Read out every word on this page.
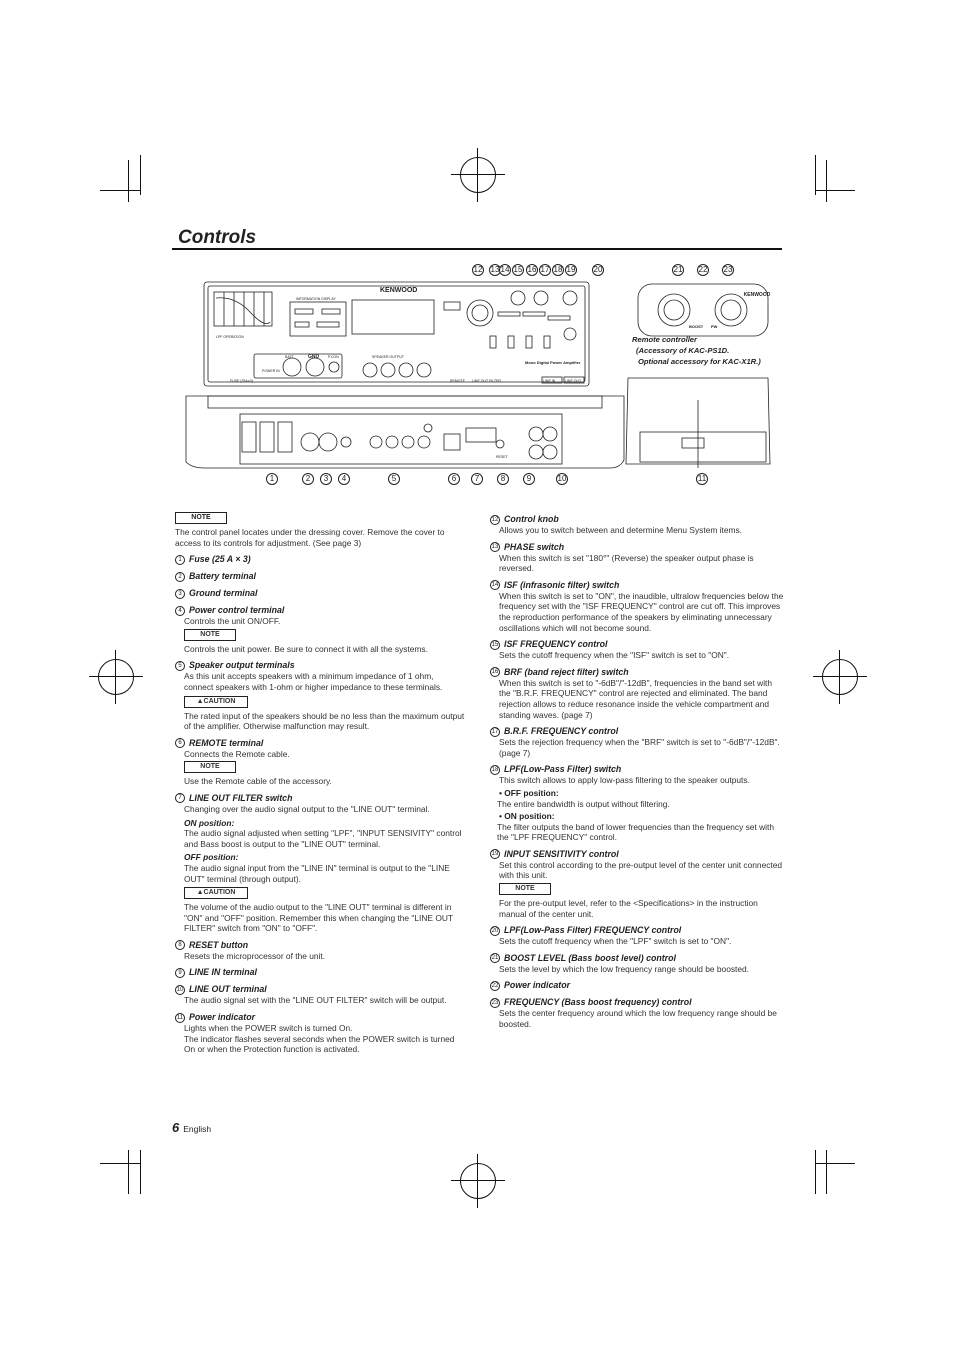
Controls
KENWOOD
KENWOOD
INFORMATION DISPLAY
LPF OPERATION
POWER IN
BATT	GND	P.CON	SPEAKER OUTPUT
FUSE (25A×3)	REMOTE LINE OUT FILTER	LINE IN	LINE OUT
RESET
Mono Digital Power Amplifier
BOOST PW
12 13 14 15 16 17 18 19 20	21 22 23
1	2	3	4	5	6	7	8	9	10	11
Remote controller
(Accessory of KAC-PS1D.
Optional accessory for KAC-X1R.)
NOTE
The control panel locates under the dressing cover. Remove the cover to access to its controls for adjustment. (See page 3)
1 Fuse (25 A × 3)
2 Battery terminal
3 Ground terminal
4 Power control terminal
Controls the unit ON/OFF.
NOTE
Controls the unit power. Be sure to connect it with all the systems.
5 Speaker output terminals
As this unit accepts speakers with a minimum impedance of 1 ohm, connect speakers with 1-ohm or higher impedance to these terminals.
▲CAUTION
The rated input of the speakers should be no less than the maximum output of the amplifier. Otherwise malfunction may result.
6 REMOTE terminal
Connects the Remote cable.
NOTE
Use the Remote cable of the accessory.
7 LINE OUT FILTER switch
Changing over the audio signal output to the "LINE OUT" terminal.
ON position:
The audio signal adjusted when setting "LPF", "INPUT SENSIVITY" control and Bass boost is output to the "LINE OUT" terminal.
OFF position:
The audio signal input from the "LINE IN" terminal is output to the "LINE OUT" terminal (through output).
▲CAUTION
The volume of the audio output to the "LINE OUT" terminal is different in "ON" and "OFF" position. Remember this when changing the "LINE OUT FILTER" switch from "ON" to "OFF".
8 RESET button
Resets the microprocessor of the unit.
9 LINE IN terminal
10 LINE OUT terminal
The audio signal set with the "LINE OUT FILTER" switch will be output.
11 Power indicator
Lights when the POWER switch is turned On.
The indicator flashes several seconds when the POWER switch is turned On or when the Protection function is activated.
12 Control knob
Allows you to switch between and determine Menu System items.
13 PHASE switch
When this switch is set "180°" (Reverse) the speaker output phase is reversed.
14 ISF (infrasonic filter) switch
When this switch is set to "ON", the inaudible, ultralow frequencies below the frequency set with the "ISF FREQUENCY" control are cut off. This improves the reproduction performance of the speakers by eliminating unnecessary oscillations which will not become sound.
15 ISF FREQUENCY control
Sets the cutoff frequency when the "ISF" switch is set to "ON".
16 BRF (band reject filter) switch
When this switch is set to "-6dB"/"-12dB", frequencies in the band set with the "B.R.F. FREQUENCY" control are rejected and eliminated. The band rejection allows to reduce resonance inside the vehicle compartment and standing waves. (page 7)
17 B.R.F. FREQUENCY control
Sets the rejection frequency when the "BRF" switch is set to "-6dB"/"-12dB". (page 7)
18 LPF(Low-Pass Filter) switch
This switch allows to apply low-pass filtering to the speaker outputs.
• OFF position:
The entire bandwidth is output without filtering.
• ON position:
The filter outputs the band of lower frequencies than the frequency set with the "LPF FREQUENCY" control.
19 INPUT SENSITIVITY control
Set this control according to the pre-output level of the center unit connected with this unit.
NOTE
For the pre-output level, refer to the <Specifications> in the instruction manual of the center unit.
20 LPF(Low-Pass Filter) FREQUENCY control
Sets the cutoff frequency when the "LPF" switch is set to "ON".
21 BOOST LEVEL (Bass boost level) control
Sets the level by which the low frequency range should be boosted.
22 Power indicator
23 FREQUENCY (Bass boost frequency) control
Sets the center frequency around which the low frequency range should be boosted.
6 English
